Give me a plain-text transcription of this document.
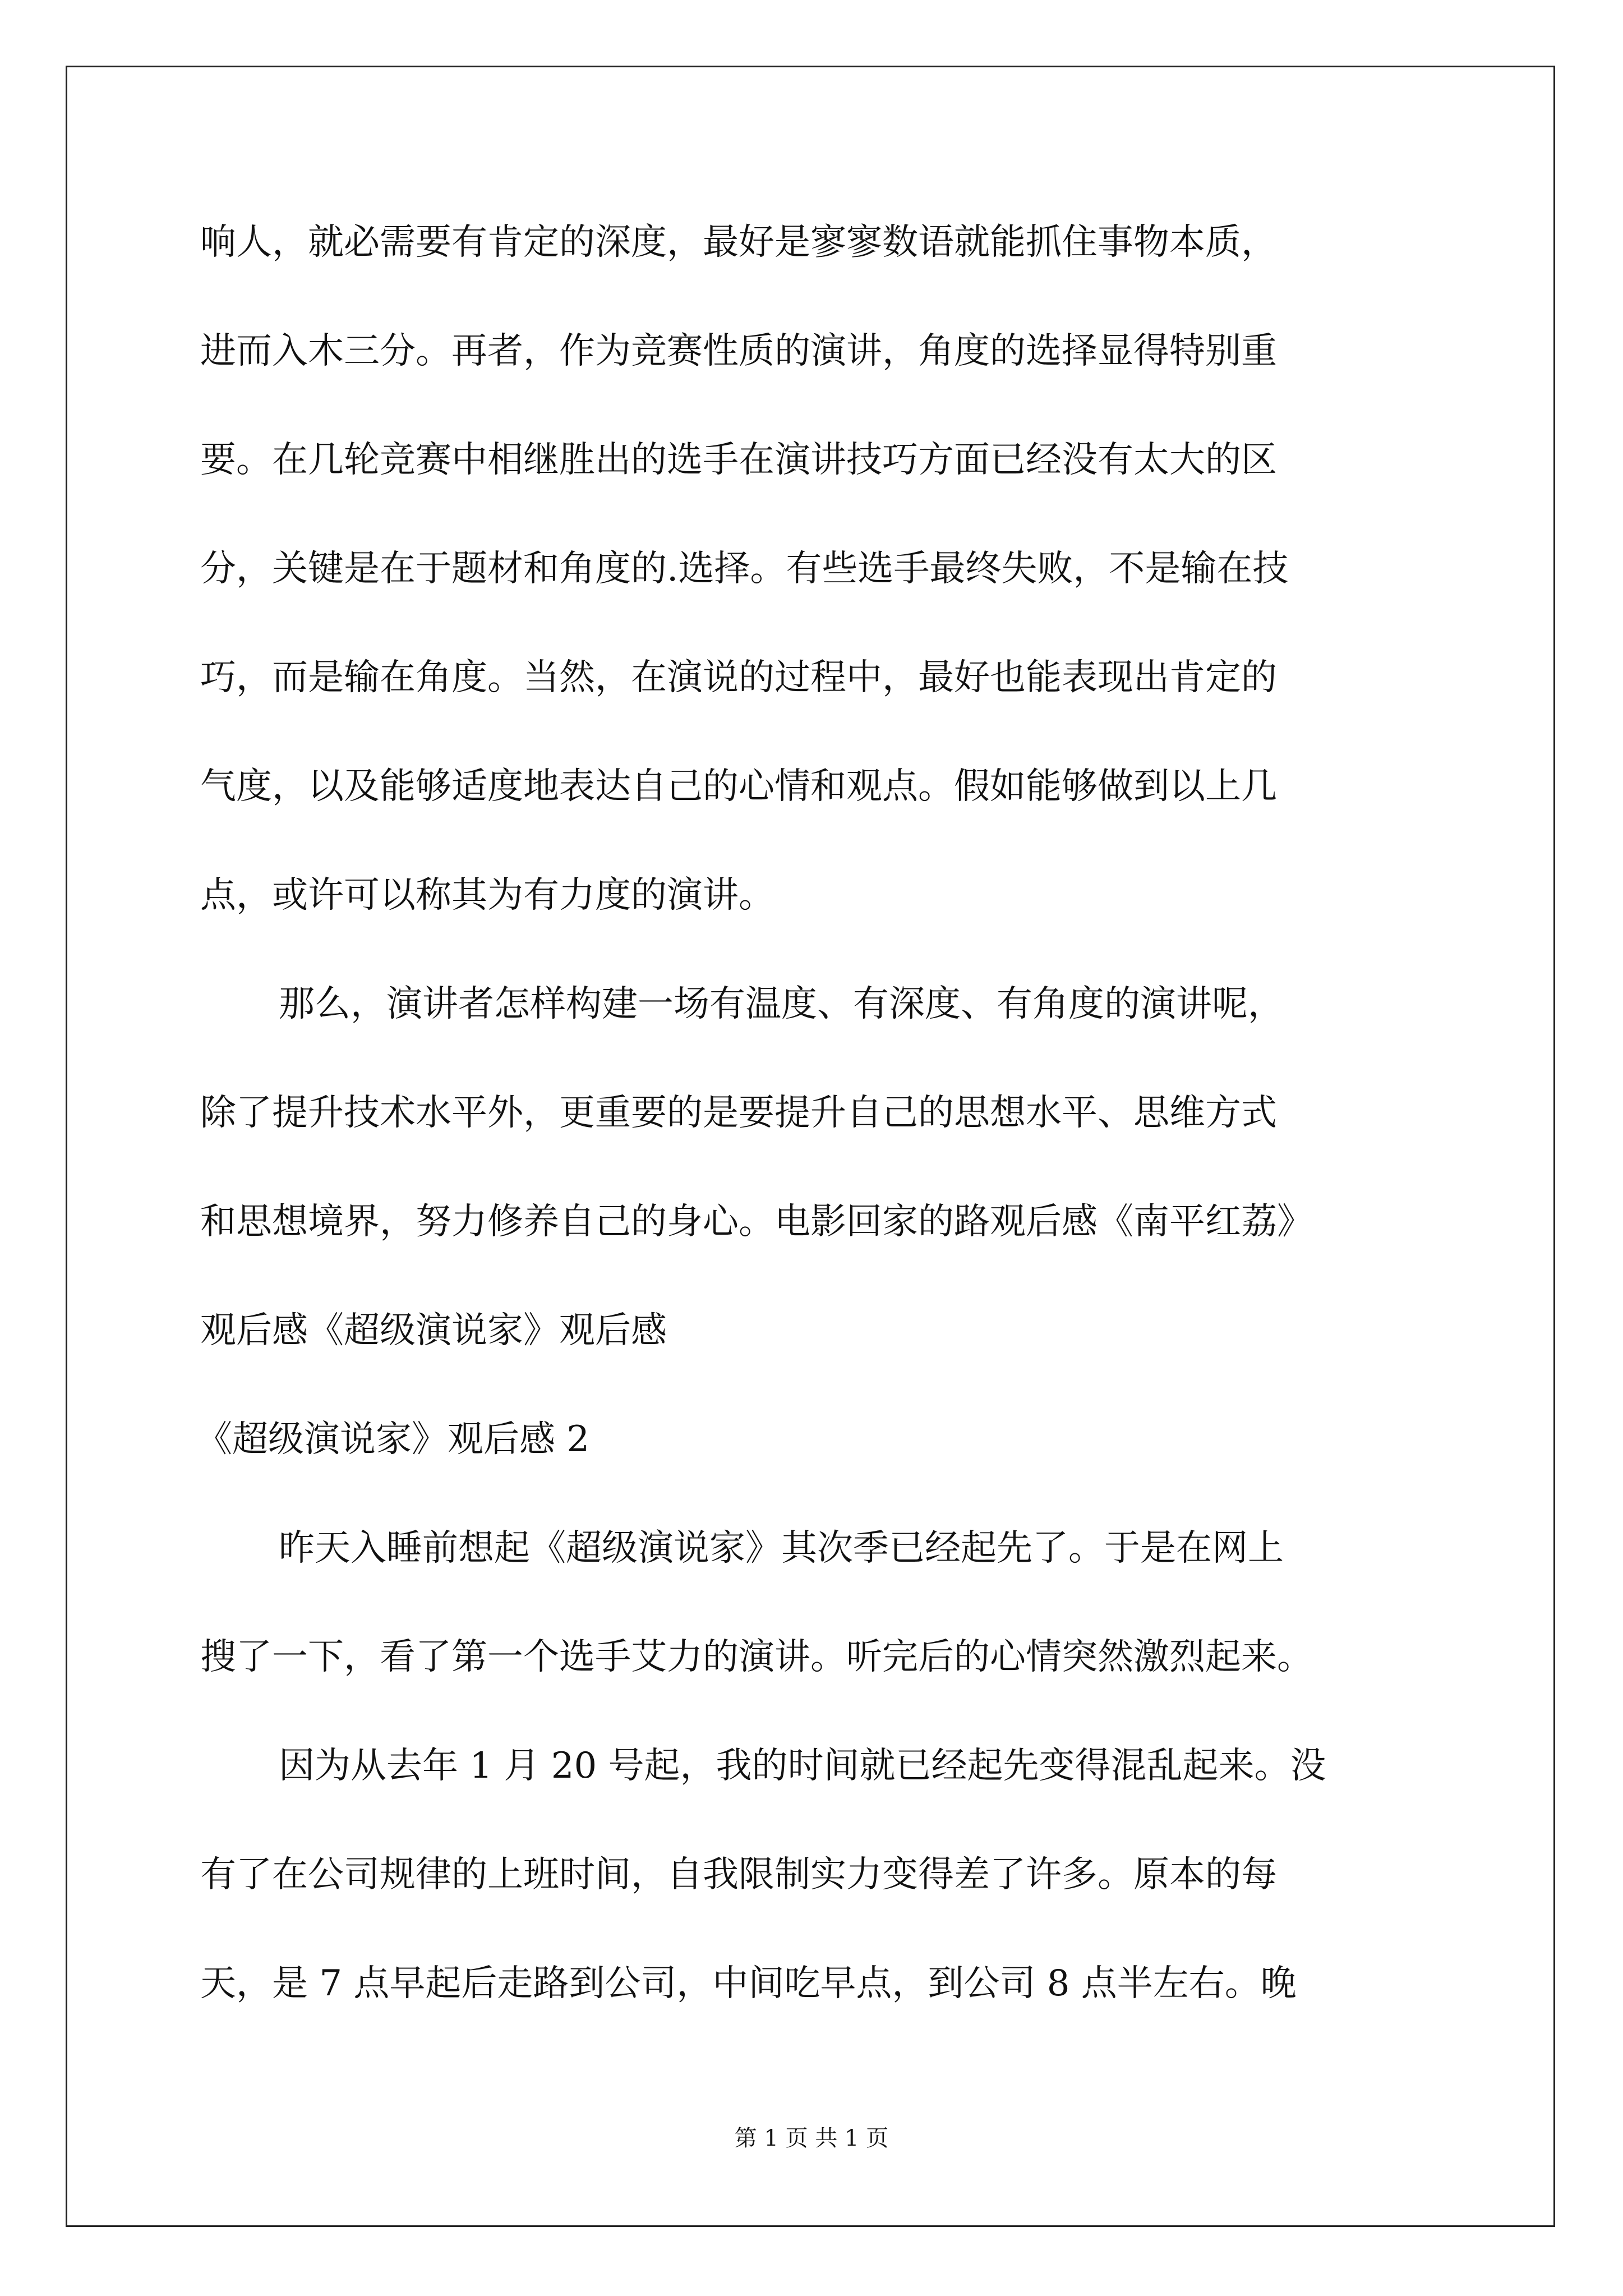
响人，就必需要有肯定的深度，最好是寥寥数语就能抓住事物本质，
进而入木三分。再者，作为竞赛性质的演讲，角度的选择显得特别重
要。在几轮竞赛中相继胜出的选手在演讲技巧方面已经没有太大的区
分，关键是在于题材和角度的.选择。有些选手最终失败，不是输在技
巧，而是输在角度。当然，在演说的过程中，最好也能表现出肯定的
气度，以及能够适度地表达自己的心情和观点。假如能够做到以上几
点，或许可以称其为有力度的演讲。
那么，演讲者怎样构建一场有温度、有深度、有角度的演讲呢，
除了提升技术水平外，更重要的是要提升自己的思想水平、思维方式
和思想境界，努力修养自己的身心。电影回家的路观后感《南平红荔》
观后感《超级演说家》观后感
《超级演说家》观后感 2
昨天入睡前想起《超级演说家》其次季已经起先了。于是在网上
搜了一下，看了第一个选手艾力的演讲。听完后的心情突然激烈起来。
因为从去年 1 月 20 号起，我的时间就已经起先变得混乱起来。没
有了在公司规律的上班时间，自我限制实力变得差了许多。原本的每
天，是 7 点早起后走路到公司，中间吃早点，到公司 8 点半左右。晚
第 1 页 共 1 页
